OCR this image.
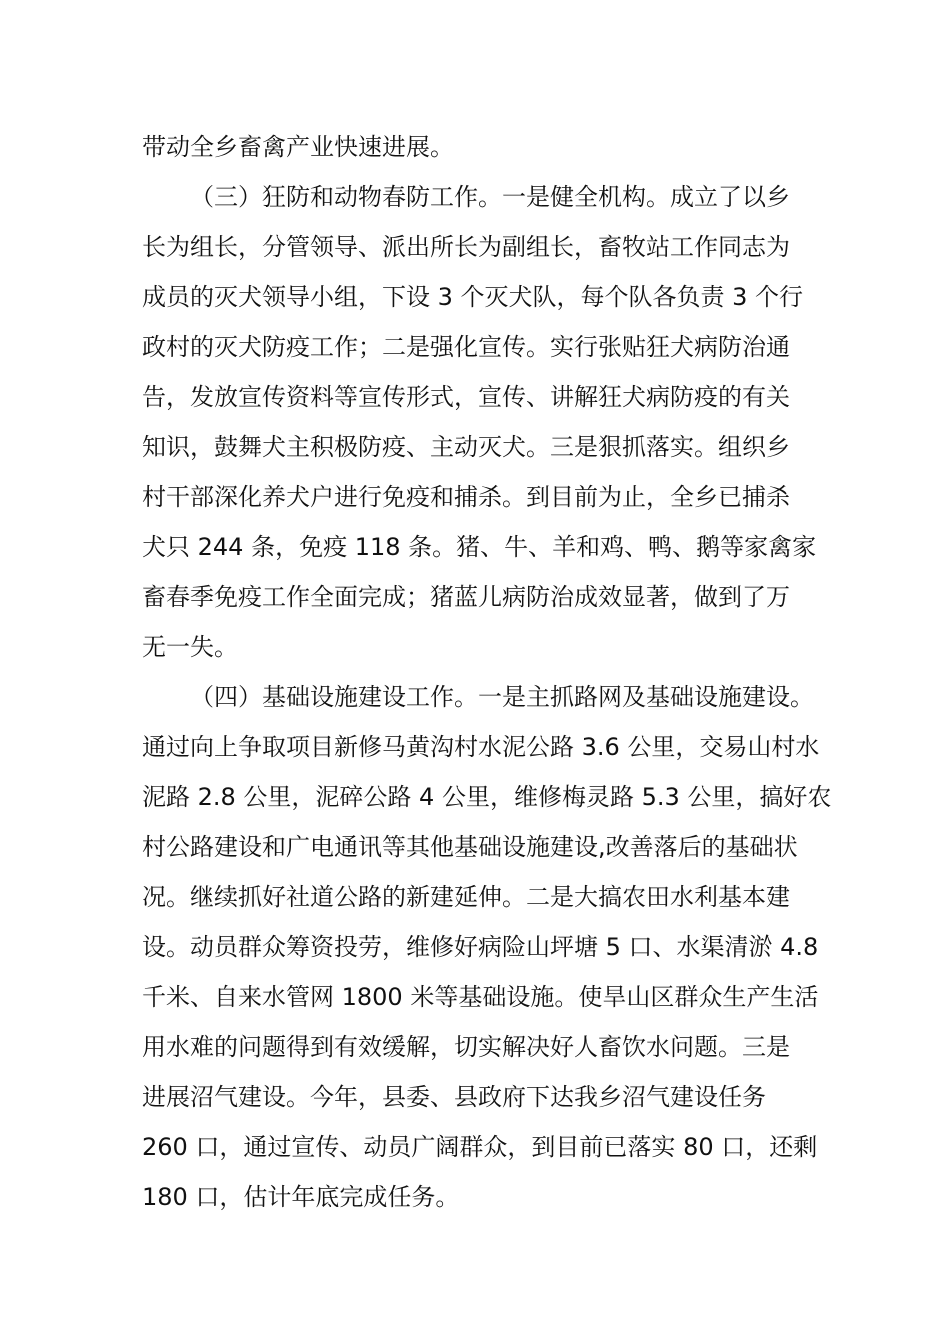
带动全乡畜禽产业快速进展。
（三）狂防和动物春防工作。一是健全机构。成立了以乡
长为组长，分管领导、派出所长为副组长，畜牧站工作同志为
成员的灭犬领导小组，下设 3 个灭犬队，每个队各负责 3 个行
政村的灭犬防疫工作；二是强化宣传。实行张贴狂犬病防治通
告，发放宣传资料等宣传形式，宣传、讲解狂犬病防疫的有关
知识，鼓舞犬主积极防疫、主动灭犬。三是狠抓落实。组织乡
村干部深化养犬户进行免疫和捕杀。到目前为止，全乡已捕杀
犬只 244 条，免疫 118 条。猪、牛、羊和鸡、鸭、鹅等家禽家
畜春季免疫工作全面完成；猪蓝儿病防治成效显著，做到了万
无一失。
（四）基础设施建设工作。一是主抓路网及基础设施建设。
通过向上争取项目新修马黄沟村水泥公路 3.6 公里，交易山村水
泥路 2.8 公里，泥碎公路 4 公里，维修梅灵路 5.3 公里，搞好农
村公路建设和广电通讯等其他基础设施建设,改善落后的基础状
况。继续抓好社道公路的新建延伸。二是大搞农田水利基本建
设。动员群众筹资投劳，维修好病险山坪塘 5 口、水渠清淤 4.8
千米、自来水管网 1800 米等基础设施。使旱山区群众生产生活
用水难的问题得到有效缓解，切实解决好人畜饮水问题。三是
进展沼气建设。今年，县委、县政府下达我乡沼气建设任务
260 口，通过宣传、动员广阔群众，到目前已落实 80 口，还剩
180 口，估计年底完成任务。
